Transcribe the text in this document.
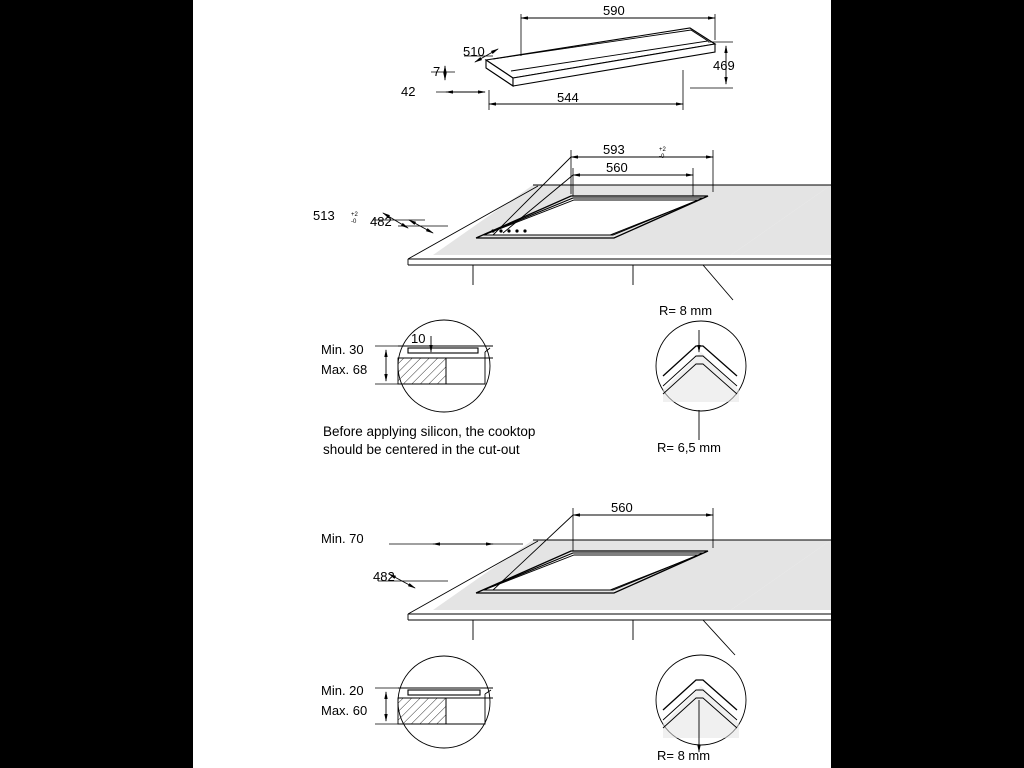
590
510
469
544
42
7
593	+2
-0
560
513	+2
-0 482
10
Min. 30
Max. 68
Before applying silicon, the cooktop
should be centered in the cut-out
R= 8 mm
R= 6,5 mm
560
Min. 70
482
Min. 20
Max. 60
R= 8 mm
